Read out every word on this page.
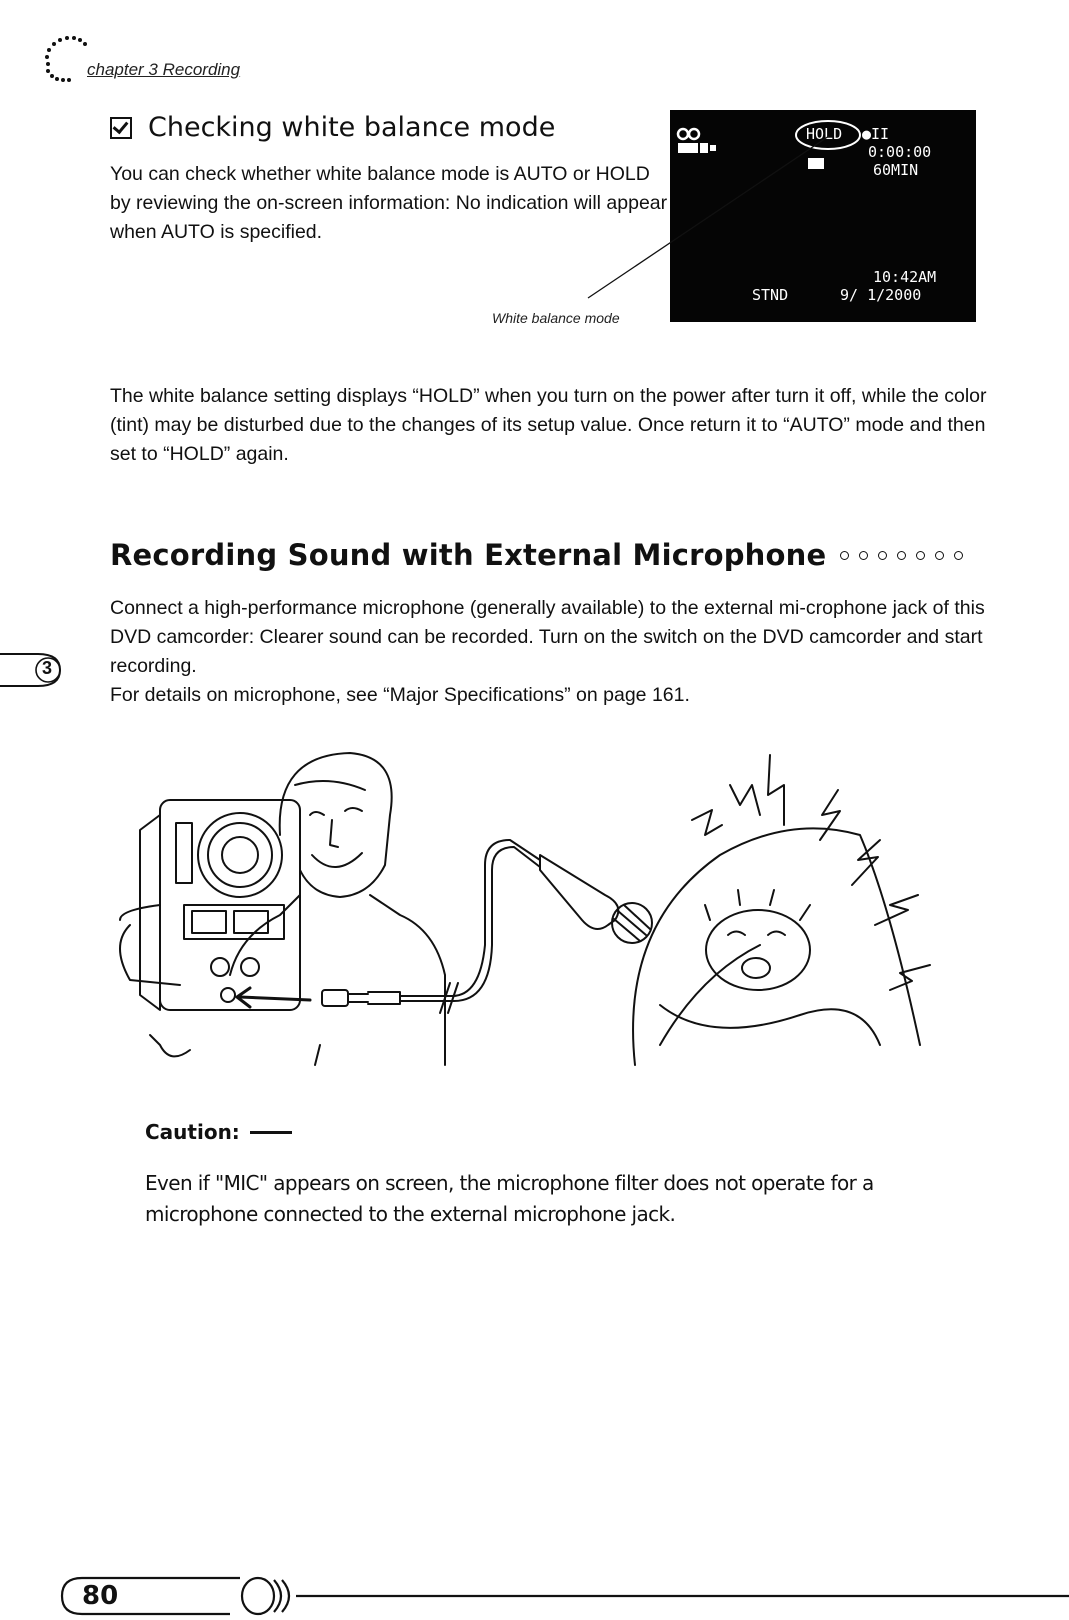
chapter 3 Recording
Checking white balance mode
You can check whether white balance mode is AUTO or HOLD by reviewing the on-screen information: No indication will appear when AUTO is specified.
HOLD ●II
0:00:00
60MIN
STND
10:42AM
9/ 1/2000
White balance mode
The white balance setting displays “HOLD” when you turn on the power after turn it off, while the color (tint) may be disturbed due to the changes of its setup value. Once return it to “AUTO” mode and then set to “HOLD” again.
Recording Sound with External Microphone
Connect a high-performance microphone (generally available) to the external mi-crophone jack of this DVD camcorder: Clearer sound can be recorded. Turn on the switch on the DVD camcorder and start recording.
For details on microphone, see “Major Specifications” on page 161.
3
Caution:
Even if "MIC" appears on screen, the microphone filter does not operate for a microphone connected to the external microphone jack.
80
